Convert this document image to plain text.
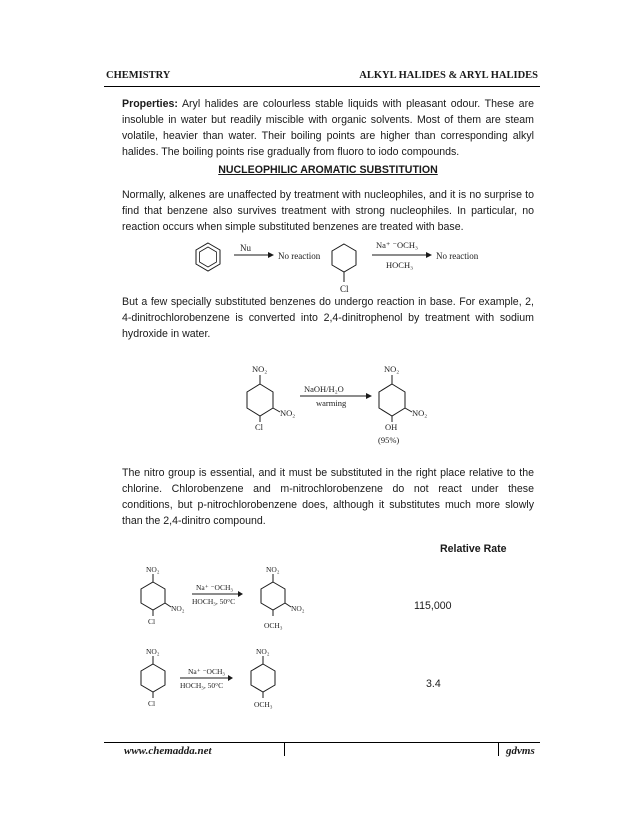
CHEMISTRY	ALKYL HALIDES & ARYL HALIDES
Properties: Aryl halides are colourless stable liquids with pleasant odour. These are insoluble in water but readily miscible with organic solvents. Most of them are steam volatile, heavier than water. Their boiling points are higher than corresponding alkyl halides. The boiling points rise gradually from fluoro to iodo compounds.
NUCLEOPHILIC AROMATIC SUBSTITUTION
Normally, alkenes are unaffected by treatment with nucleophiles, and it is no surprise to find that benzene also survives treatment with strong nucleophiles. In particular, no reaction occurs when simple substituted benzenes are treated with base.
Nu
No reaction
Cl
Na⁺ ⁻OCH₃
HOCH₃
No reaction
But a few specially substituted benzenes do undergo reaction in base. For example, 2, 4-dinitrochlorobenzene is converted into 2,4-dinitrophenol by treatment with sodium hydroxide in water.
NO₂
NO₂
Cl
NaOH/H₂O
warming
NO₂
NO₂
OH
(95%)
The nitro group is essential, and it must be substituted in the right place relative to the chlorine. Chlorobenzene and m-nitrochlorobenzene do not react under these conditions, but p-nitrochlorobenzene does, although it substitutes much more slowly than the 2,4-dinitro compound.
Relative Rate
NO₂
NO₂
Cl
Na⁺ ⁻OCH₃
HOCH₃, 50°C
NO₂
NO₂
OCH₃
115,000
NO₂
Cl
Na⁺ ⁻OCH₃
HOCH₃, 50°C
NO₂
OCH₃
3.4
www.chemadda.net	gdvms
